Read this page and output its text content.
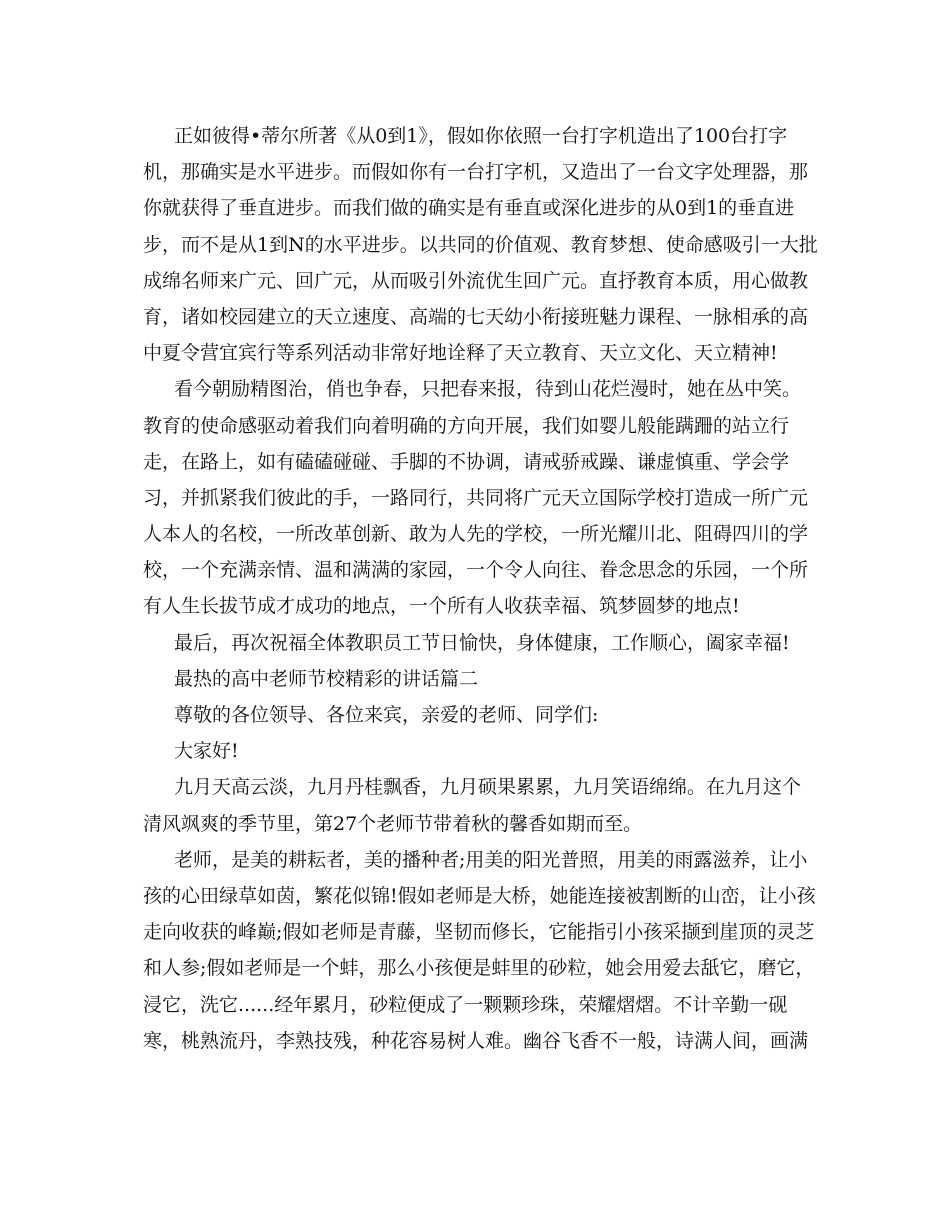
正如彼得•蒂尔所著《从0到1》，假如你依照一台打字机造出了100台打字
机，那确实是水平进步。而假如你有一台打字机，又造出了一台文字处理器，那
你就获得了垂直进步。而我们做的确实是有垂直或深化进步的从0到1的垂直进
步，而不是从1到N的水平进步。以共同的价值观、教育梦想、使命感吸引一大批
成绵名师来广元、回广元，从而吸引外流优生回广元。直抒教育本质，用心做教
育，诸如校园建立的天立速度、高端的七天幼小衔接班魅力课程、一脉相承的高
中夏令营宜宾行等系列活动非常好地诠释了天立教育、天立文化、天立精神!
看今朝励精图治，俏也争春，只把春来报，待到山花烂漫时，她在丛中笑。
教育的使命感驱动着我们向着明确的方向开展，我们如婴儿般能蹒跚的站立行
走，在路上，如有磕磕碰碰、手脚的不协调，请戒骄戒躁、谦虚慎重、学会学
习，并抓紧我们彼此的手，一路同行，共同将广元天立国际学校打造成一所广元
人本人的名校，一所改革创新、敢为人先的学校，一所光耀川北、阻碍四川的学
校，一个充满亲情、温和满满的家园，一个令人向往、眷念思念的乐园，一个所
有人生长拔节成才成功的地点，一个所有人收获幸福、筑梦圆梦的地点!
最后，再次祝福全体教职员工节日愉快，身体健康，工作顺心，阖家幸福!
最热的高中老师节校精彩的讲话篇二
尊敬的各位领导、各位来宾，亲爱的老师、同学们:
大家好!
九月天高云淡，九月丹桂飘香，九月硕果累累，九月笑语绵绵。在九月这个
清风飒爽的季节里，第27个老师节带着秋的馨香如期而至。
老师，是美的耕耘者，美的播种者;用美的阳光普照，用美的雨露滋养，让小
孩的心田绿草如茵，繁花似锦!假如老师是大桥，她能连接被割断的山峦，让小孩
走向收获的峰巅;假如老师是青藤，坚韧而修长，它能指引小孩采撷到崖顶的灵芝
和人参;假如老师是一个蚌，那么小孩便是蚌里的砂粒，她会用爱去舐它，磨它，
浸它，洗它......经年累月，砂粒便成了一颗颗珍珠，荣耀熠熠。不计辛勤一砚
寒，桃熟流丹，李熟技残，种花容易树人难。幽谷飞香不一般，诗满人间，画满
